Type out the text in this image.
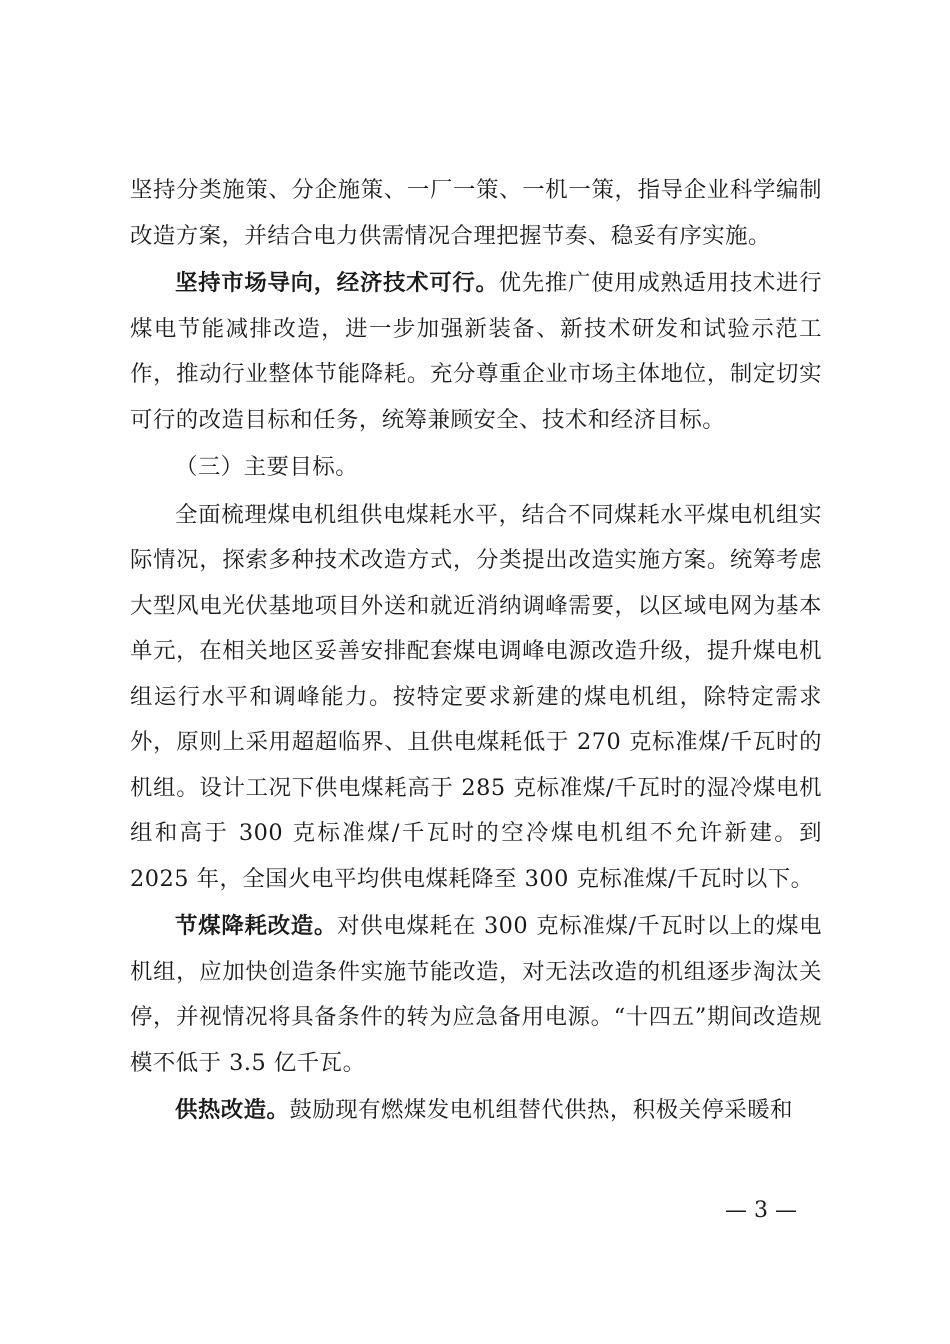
坚持分类施策、分企施策、一厂一策、一机一策，指导企业科学编制改造方案，并结合电力供需情况合理把握节奏、稳妥有序实施。

坚持市场导向，经济技术可行。优先推广使用成熟适用技术进行煤电节能减排改造，进一步加强新装备、新技术研发和试验示范工作，推动行业整体节能降耗。充分尊重企业市场主体地位，制定切实可行的改造目标和任务，统筹兼顾安全、技术和经济目标。

（三）主要目标。

全面梳理煤电机组供电煤耗水平，结合不同煤耗水平煤电机组实际情况，探索多种技术改造方式，分类提出改造实施方案。统筹考虑大型风电光伏基地项目外送和就近消纳调峰需要，以区域电网为基本单元，在相关地区妥善安排配套煤电调峰电源改造升级，提升煤电机组运行水平和调峰能力。按特定要求新建的煤电机组，除特定需求外，原则上采用超超临界、且供电煤耗低于 270 克标准煤/千瓦时的机组。设计工况下供电煤耗高于 285 克标准煤/千瓦时的湿冷煤电机组和高于 300 克标准煤/千瓦时的空冷煤电机组不允许新建。到 2025 年，全国火电平均供电煤耗降至 300 克标准煤/千瓦时以下。

节煤降耗改造。对供电煤耗在 300 克标准煤/千瓦时以上的煤电机组，应加快创造条件实施节能改造，对无法改造的机组逐步淘汰关停，并视情况将具备条件的转为应急备用电源。“十四五”期间改造规模不低于 3.5 亿千瓦。

供热改造。鼓励现有燃煤发电机组替代供热，积极关停采暖和

— 3 —
